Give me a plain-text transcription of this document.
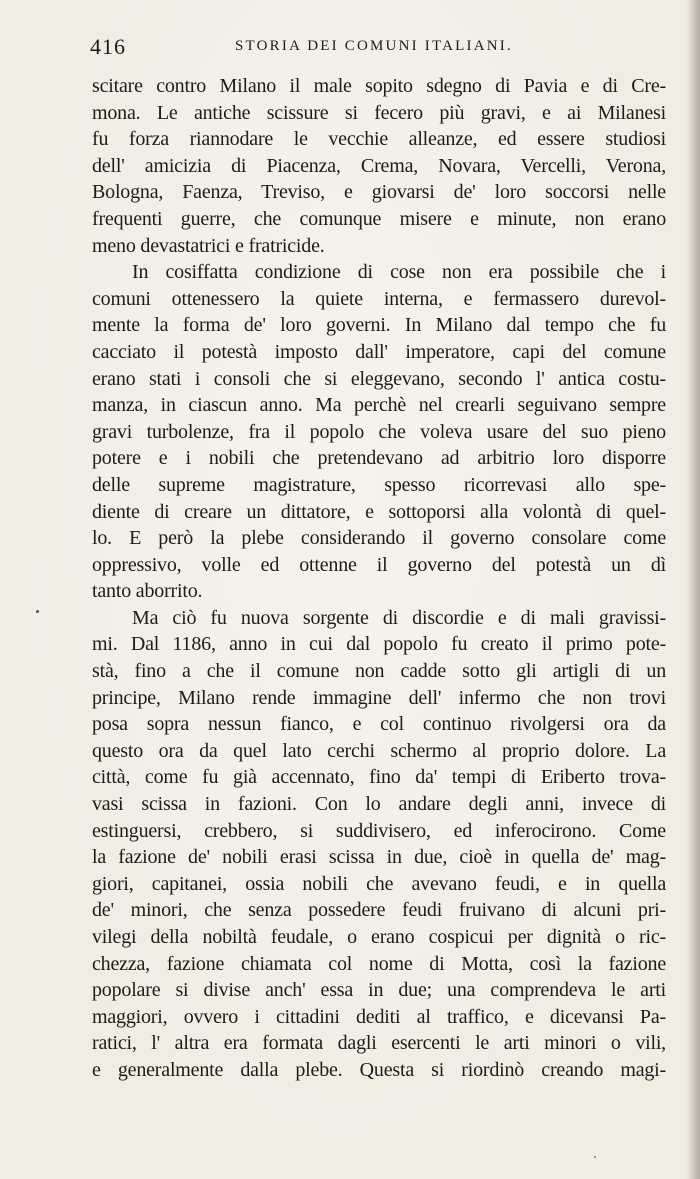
416	STORIA DEI COMUNI ITALIANI.
scitare contro Milano il male sopito sdegno di Pavia e di Cre-
mona. Le antiche scissure si fecero più gravi, e ai Milanesi
fu forza riannodare le vecchie alleanze, ed essere studiosi
dell' amicizia di Piacenza, Crema, Novara, Vercelli, Verona,
Bologna, Faenza, Treviso, e giovarsi de' loro soccorsi nelle
frequenti guerre, che comunque misere e minute, non erano
meno devastatrici e fratricide.
In cosiffatta condizione di cose non era possibile che i
comuni ottenessero la quiete interna, e fermassero durevol-
mente la forma de' loro governi. In Milano dal tempo che fu
cacciato il potestà imposto dall' imperatore, capi del comune
erano stati i consoli che si eleggevano, secondo l' antica costu-
manza, in ciascun anno. Ma perchè nel crearli seguivano sempre
gravi turbolenze, fra il popolo che voleva usare del suo pieno
potere e i nobili che pretendevano ad arbitrio loro disporre
delle supreme magistrature, spesso ricorrevasi allo spe-
diente di creare un dittatore, e sottoporsi alla volontà di quel-
lo. E però la plebe considerando il governo consolare come
oppressivo, volle ed ottenne il governo del potestà un dì
tanto aborrito.
Ma ciò fu nuova sorgente di discordie e di mali gravissi-
mi. Dal 1186, anno in cui dal popolo fu creato il primo pote-
stà, fino a che il comune non cadde sotto gli artigli di un
principe, Milano rende immagine dell' infermo che non trovi
posa sopra nessun fianco, e col continuo rivolgersi ora da
questo ora da quel lato cerchi schermo al proprio dolore. La
città, come fu già accennato, fino da' tempi di Eriberto trova-
vasi scissa in fazioni. Con lo andare degli anni, invece di
estinguersi, crebbero, si suddivisero, ed inferocirono. Come
la fazione de' nobili erasi scissa in due, cioè in quella de' mag-
giori, capitanei, ossia nobili che avevano feudi, e in quella
de' minori, che senza possedere feudi fruivano di alcuni pri-
vilegi della nobiltà feudale, o erano cospicui per dignità o ric-
chezza, fazione chiamata col nome di Motta, così la fazione
popolare si divise anch' essa in due; una comprendeva le arti
maggiori, ovvero i cittadini dediti al traffico, e dicevansi Pa-
ratici, l' altra era formata dagli esercenti le arti minori o vili,
e generalmente dalla plebe. Questa si riordinò creando magi-
